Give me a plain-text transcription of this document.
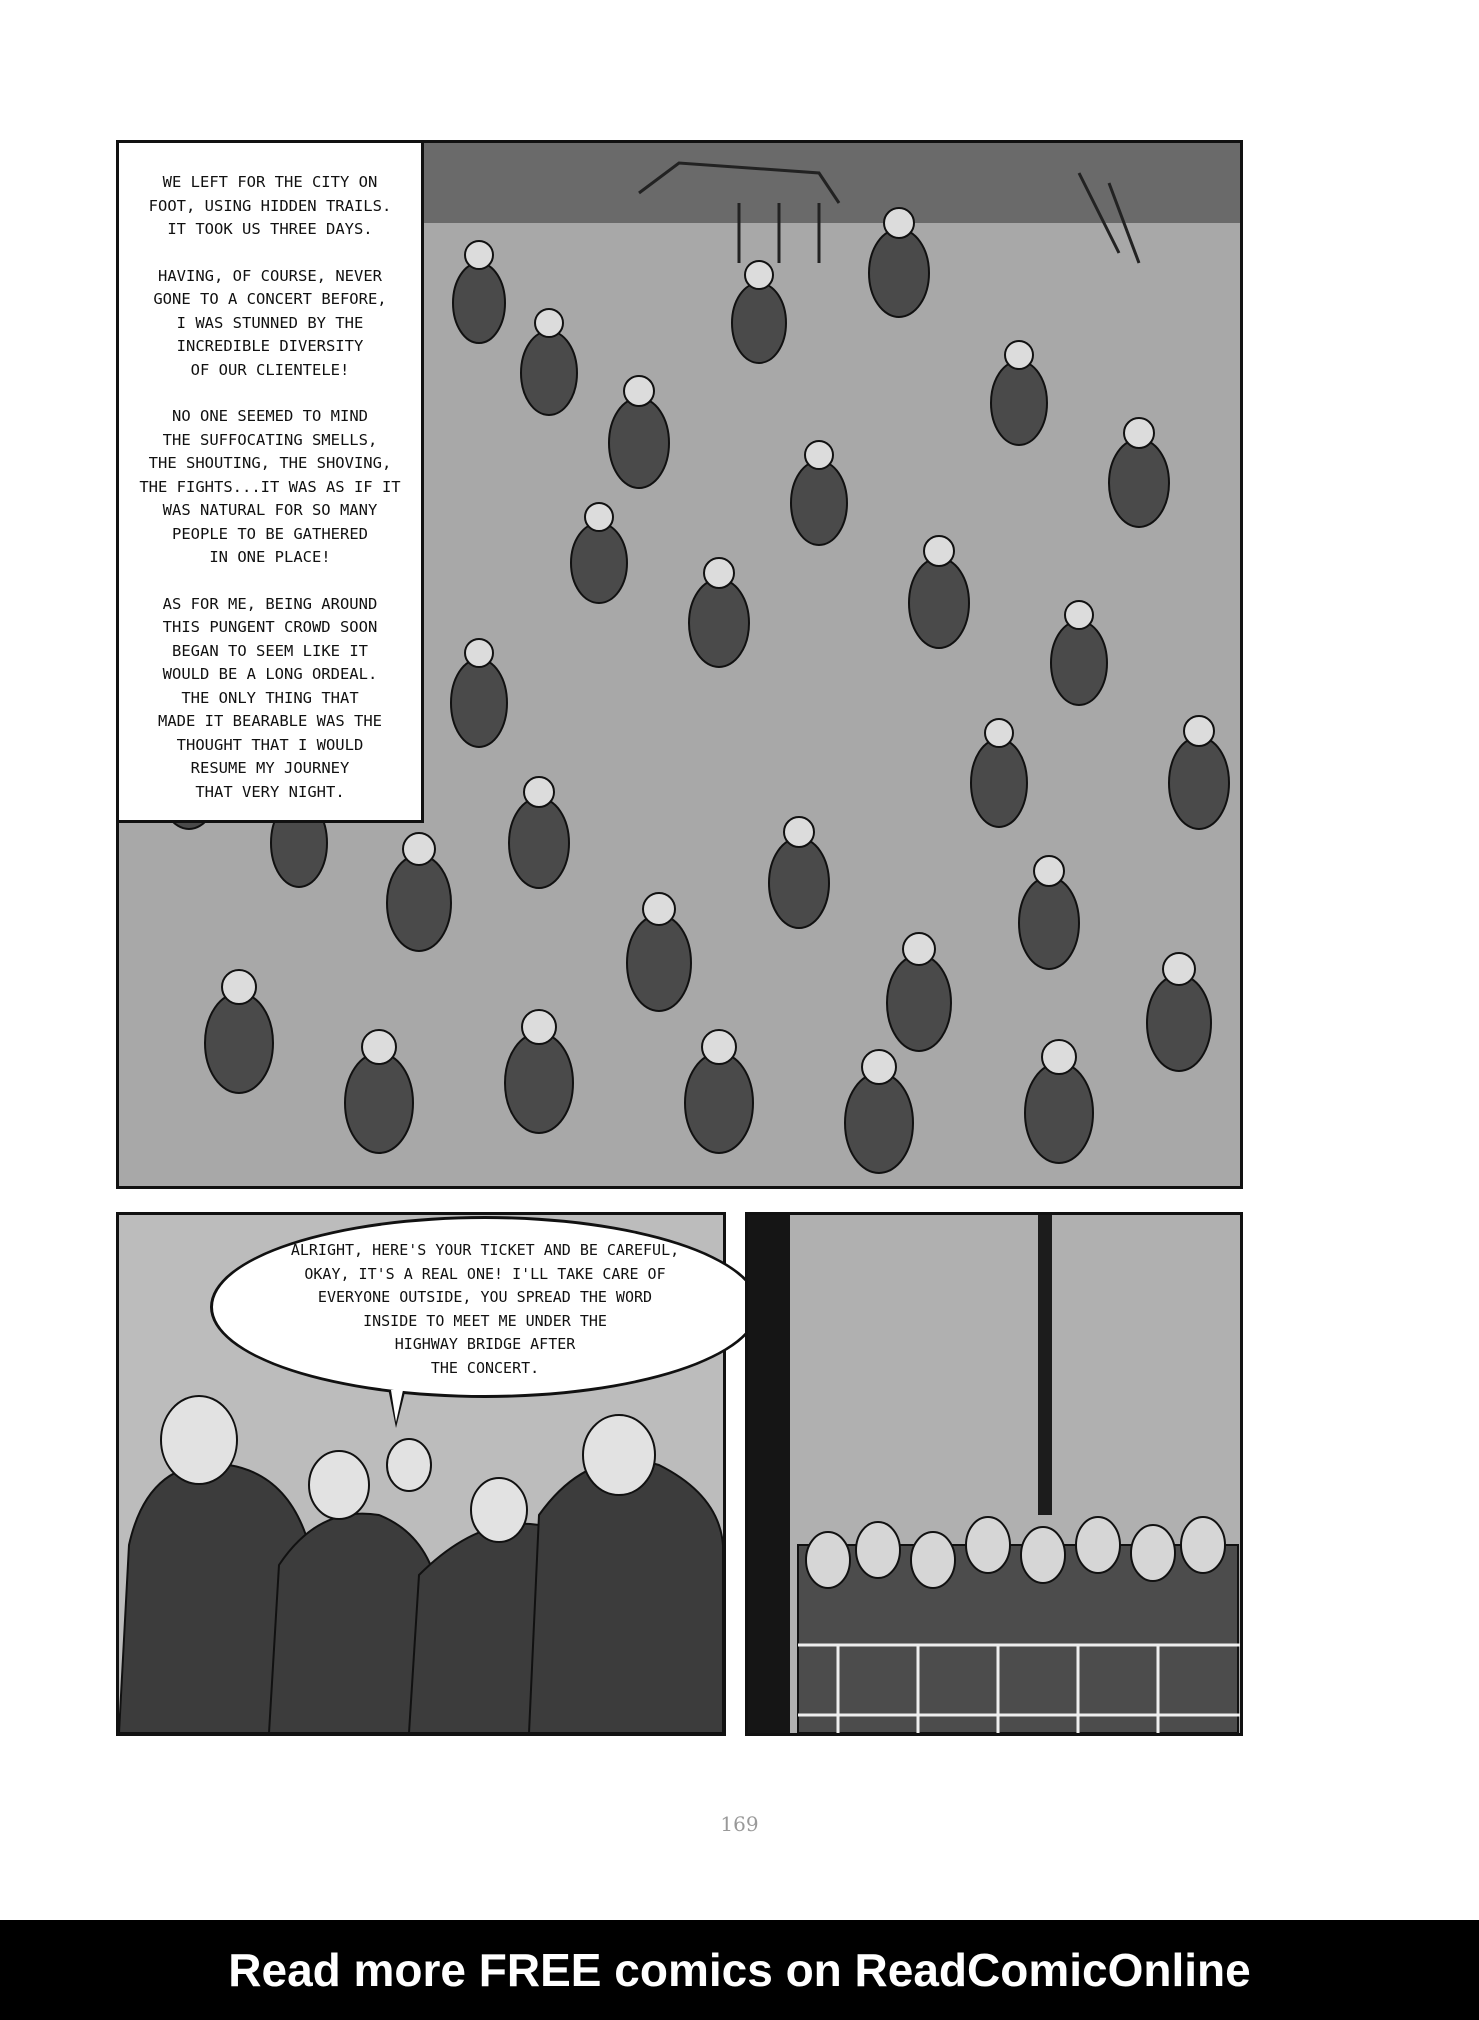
WE LEFT FOR THE CITY ON
FOOT, USING HIDDEN TRAILS.
IT TOOK US THREE DAYS.

HAVING, OF COURSE, NEVER
GONE TO A CONCERT BEFORE,
I WAS STUNNED BY THE
INCREDIBLE DIVERSITY
OF OUR CLIENTELE!

NO ONE SEEMED TO MIND
THE SUFFOCATING SMELLS,
THE SHOUTING, THE SHOVING,
THE FIGHTS...IT WAS AS IF IT
WAS NATURAL FOR SO MANY
PEOPLE TO BE GATHERED
IN ONE PLACE!

AS FOR ME, BEING AROUND
THIS PUNGENT CROWD SOON
BEGAN TO SEEM LIKE IT
WOULD BE A LONG ORDEAL.
THE ONLY THING THAT
MADE IT BEARABLE WAS THE
THOUGHT THAT I WOULD
RESUME MY JOURNEY
THAT VERY NIGHT.

ALRIGHT, HERE'S YOUR TICKET AND BE CAREFUL,
OKAY, IT'S A REAL ONE! I'LL TAKE CARE OF
EVERYONE OUTSIDE, YOU SPREAD THE WORD
INSIDE TO MEET ME UNDER THE
HIGHWAY BRIDGE AFTER
THE CONCERT.
169
Read more FREE comics on ReadComicOnline
